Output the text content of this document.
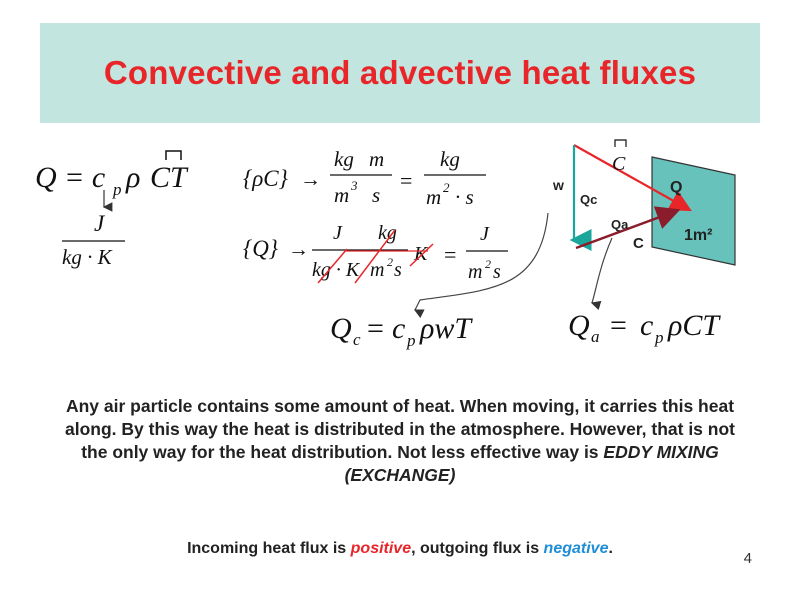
Convective and advective heat fluxes
Q = c p ρ CT
J
kg · K
{ρC} →
kg m
m 3 s
=
kg
m 2 · s
{Q} →
J kg
kg · K m 2 s
K =
J
m 2 s
Q c = c p ρwT	Q a = c p ρCT
C
w
Qc
Qa
C
Q
1m²
Any air particle contains some amount of heat. When moving, it carries this heat along. By this way the heat is distributed in the atmosphere. However, that is not the only way for the heat distribution. Not less effective way is EDDY MIXING (EXCHANGE)
Incoming heat flux is positive, outgoing flux is negative.
4
